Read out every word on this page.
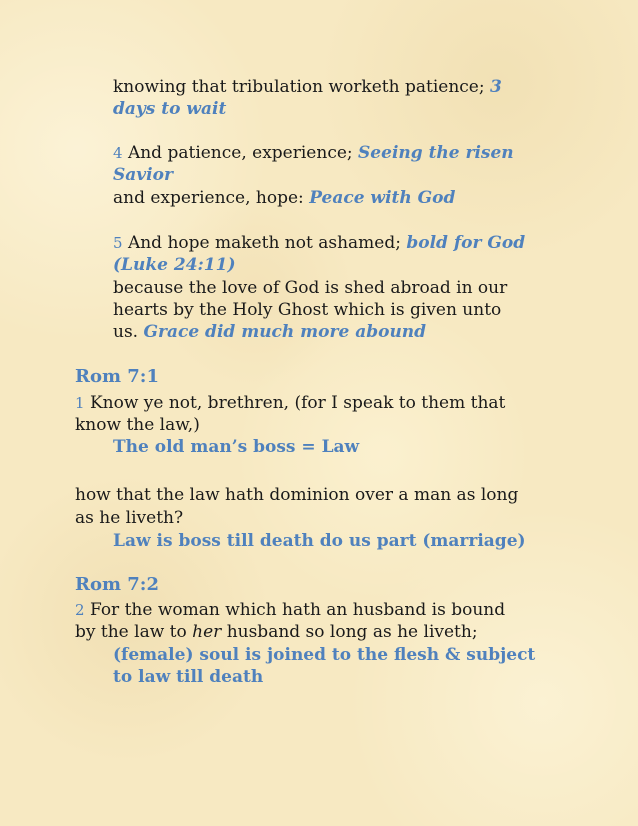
knowing that tribulation worketh patience; 3
days to wait
4 And patience, experience; Seeing the risen
Savior
and experience, hope: Peace with God
5 And hope maketh not ashamed; bold for God
(Luke 24:11)
because the love of God is shed abroad in our
hearts by the Holy Ghost which is given unto
us. Grace did much more abound
Rom 7:1
1 Know ye not, brethren, (for I speak to them that
know the law,)
The old man’s boss = Law
how that the law hath dominion over a man as long
as he liveth?
Law is boss till death do us part (marriage)
Rom 7:2
2 For the woman which hath an husband is bound
by the law to her husband so long as he liveth;
(female) soul is joined to the flesh & subject
to law till death
